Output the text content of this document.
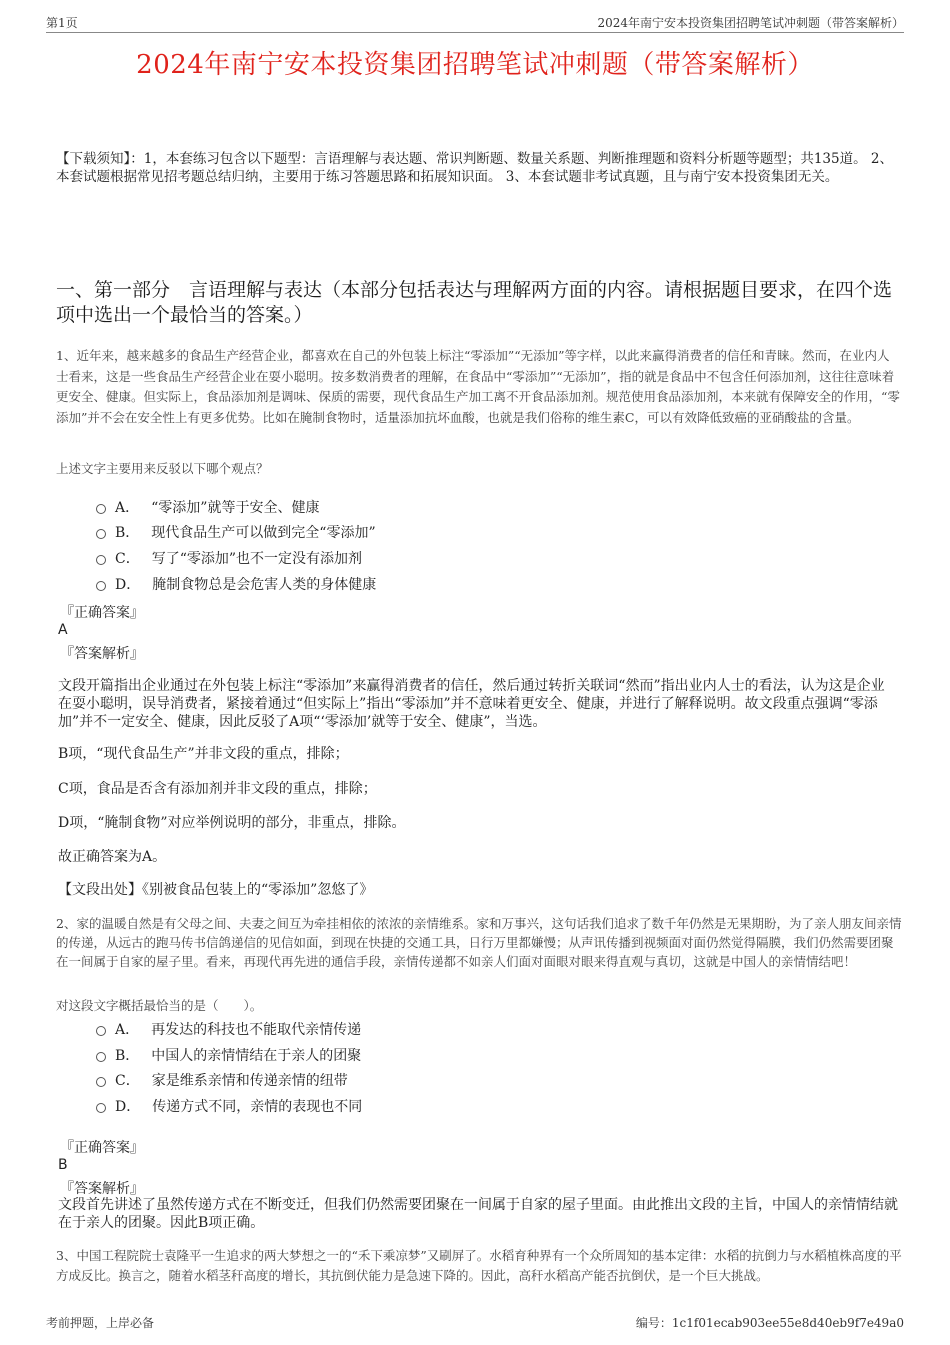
第1页	2024年南宁安本投资集团招聘笔试冲刺题（带答案解析）
2024年南宁安本投资集团招聘笔试冲刺题（带答案解析）
【下载须知】：1，本套练习包含以下题型：言语理解与表达题、常识判断题、数量关系题、判断推理题和资料分析题等题型；共135道。 2、本套试题根据常见招考题总结归纳，主要用于练习答题思路和拓展知识面。 3、本套试题非考试真题，且与南宁安本投资集团无关。
一、第一部分　言语理解与表达（本部分包括表达与理解两方面的内容。请根据题目要求，在四个选项中选出一个最恰当的答案。）
1、近年来，越来越多的食品生产经营企业，都喜欢在自己的外包装上标注“零添加”“无添加”等字样，以此来赢得消费者的信任和青睐。然而，在业内人士看来，这是一些食品生产经营企业在耍小聪明。按多数消费者的理解，在食品中“零添加”“无添加”，指的就是食品中不包含任何添加剂，这往往意味着更安全、健康。但实际上，食品添加剂是调味、保质的需要，现代食品生产加工离不开食品添加剂。规范使用食品添加剂，本来就有保障安全的作用，“零添加”并不会在安全性上有更多优势。比如在腌制食物时，适量添加抗坏血酸，也就是我们俗称的维生素C，可以有效降低致癌的亚硝酸盐的含量。
上述文字主要用来反驳以下哪个观点？
A． “零添加”就等于安全、健康
B． 现代食品生产可以做到完全“零添加”
C． 写了“零添加”也不一定没有添加剂
D． 腌制食物总是会危害人类的身体健康
『正确答案』
A
『答案解析』
文段开篇指出企业通过在外包装上标注“零添加”来赢得消费者的信任，然后通过转折关联词“然而”指出业内人士的看法，认为这是企业在耍小聪明，误导消费者，紧接着通过“但实际上”指出“零添加”并不意味着更安全、健康，并进行了解释说明。故文段重点强调“零添加”并不一定安全、健康，因此反驳了A项“‘零添加’就等于安全、健康”，当选。
B项，“现代食品生产”并非文段的重点，排除；
C项，食品是否含有添加剂并非文段的重点，排除；
D项，“腌制食物”对应举例说明的部分，非重点，排除。
故正确答案为A。
【文段出处】《别被食品包装上的“零添加”忽悠了》
2、家的温暖自然是有父母之间、夫妻之间互为牵挂相依的浓浓的亲情维系。家和万事兴，这句话我们追求了数千年仍然是无果期盼，为了亲人朋友间亲情的传递，从远古的跑马传书信鸽递信的见信如面，到现在快捷的交通工具，日行万里都嫌慢；从声讯传播到视频面对面仍然觉得隔膜，我们仍然需要团聚在一间属于自家的屋子里。看来，再现代再先进的通信手段，亲情传递都不如亲人们面对面眼对眼来得直观与真切，这就是中国人的亲情情结吧！
对这段文字概括最恰当的是（　　）。
A． 再发达的科技也不能取代亲情传递
B． 中国人的亲情情结在于亲人的团聚
C． 家是维系亲情和传递亲情的纽带
D． 传递方式不同，亲情的表现也不同
『正确答案』
B
『答案解析』
文段首先讲述了虽然传递方式在不断变迁，但我们仍然需要团聚在一间属于自家的屋子里面。由此推出文段的主旨，中国人的亲情情结就在于亲人的团聚。因此B项正确。
3、中国工程院院士袁隆平一生追求的两大梦想之一的“禾下乘凉梦”又刷屏了。水稻育种界有一个众所周知的基本定律：水稻的抗倒力与水稻植株高度的平方成反比。换言之，随着水稻茎秆高度的增长，其抗倒伏能力是急速下降的。因此，高秆水稻高产能否抗倒伏，是一个巨大挑战。
考前押题，上岸必备	编号：1c1f01ecab903ee55e8d40eb9f7e49a0
